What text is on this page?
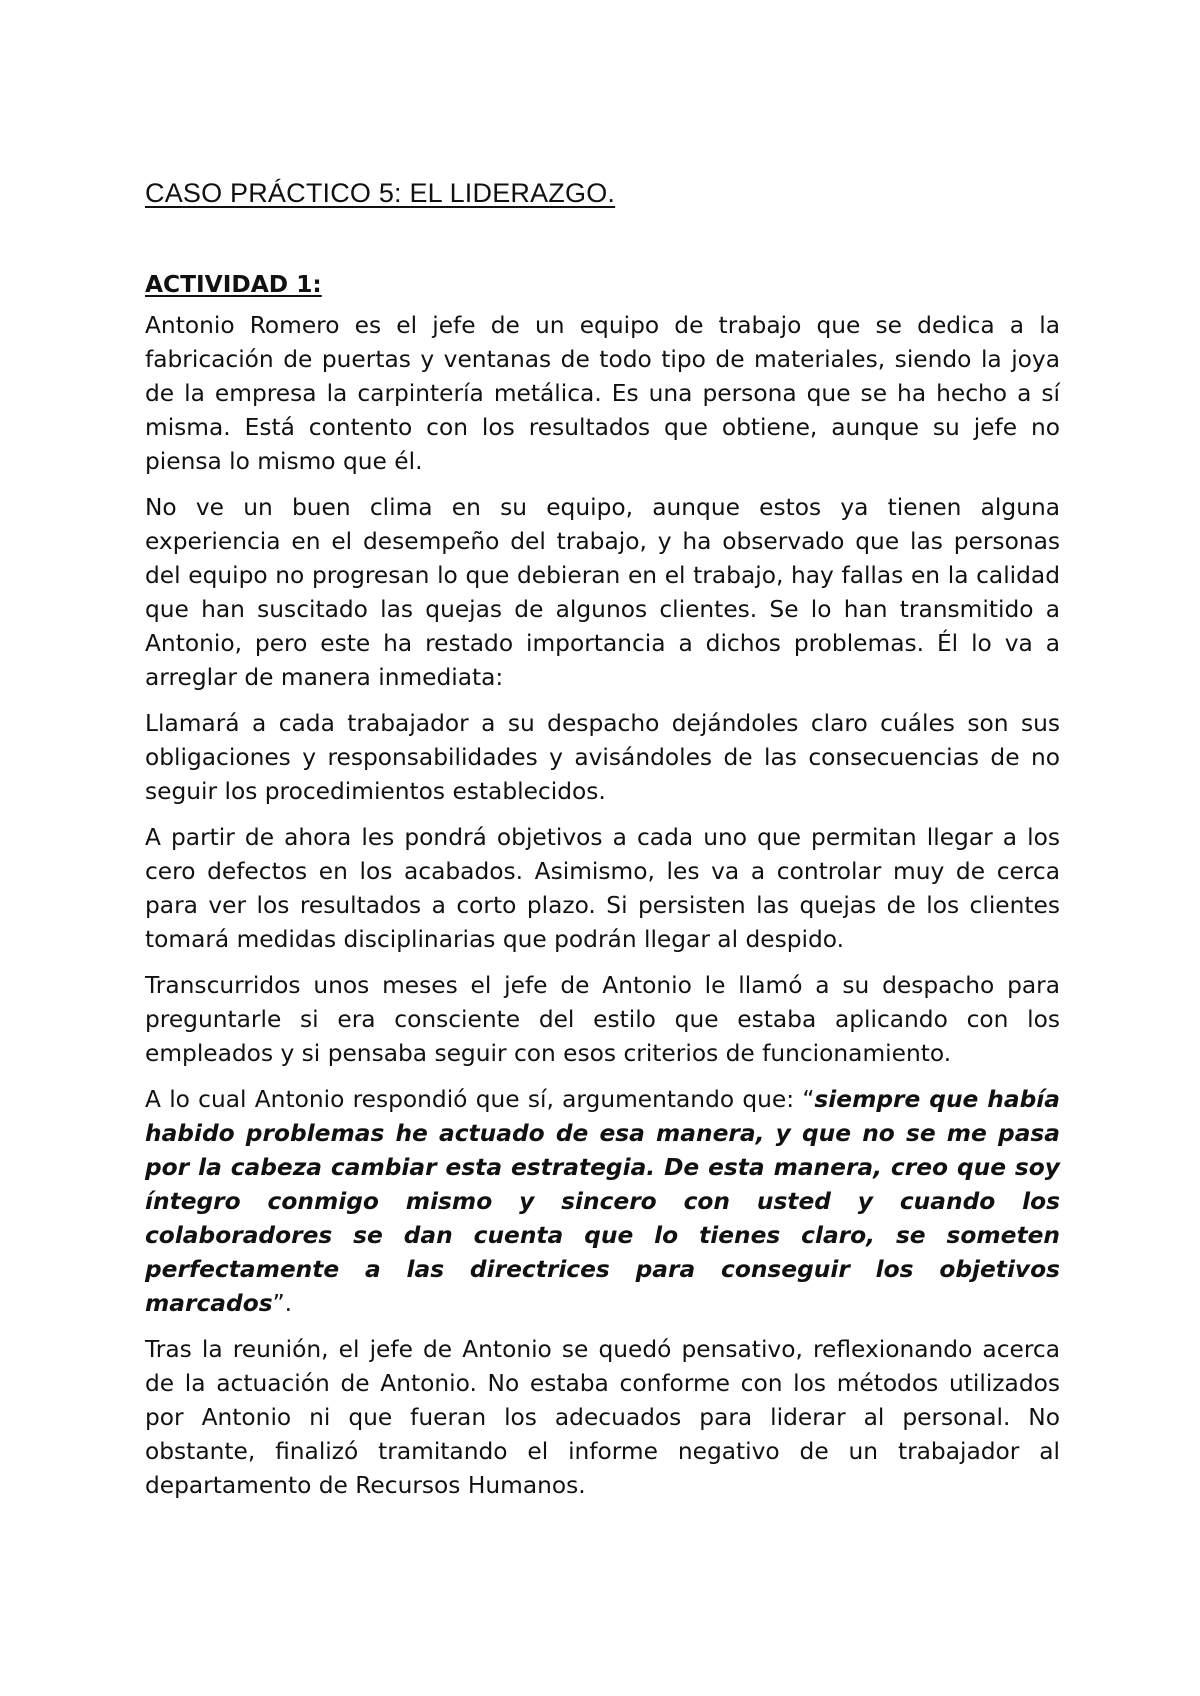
CASO PRÁCTICO 5: EL LIDERAZGO.
ACTIVIDAD 1:

Antonio Romero es el jefe de un equipo de trabajo que se dedica a la fabricación de puertas y ventanas de todo tipo de materiales, siendo la joya de la empresa la carpintería metálica. Es una persona que se ha hecho a sí misma. Está contento con los resultados que obtiene, aunque su jefe no piensa lo mismo que él.

No ve un buen clima en su equipo, aunque estos ya tienen alguna experiencia en el desempeño del trabajo, y ha observado que las personas del equipo no progresan lo que debieran en el trabajo, hay fallas en la calidad que han suscitado las quejas de algunos clientes. Se lo han transmitido a Antonio, pero este ha restado importancia a dichos problemas. Él lo va a arreglar de manera inmediata:

Llamará a cada trabajador a su despacho dejándoles claro cuáles son sus obligaciones y responsabilidades y avisándoles de las consecuencias de no seguir los procedimientos establecidos.

A partir de ahora les pondrá objetivos a cada uno que permitan llegar a los cero defectos en los acabados. Asimismo, les va a controlar muy de cerca para ver los resultados a corto plazo. Si persisten las quejas de los clientes tomará medidas disciplinarias que podrán llegar al despido.

Transcurridos unos meses el jefe de Antonio le llamó a su despacho para preguntarle si era consciente del estilo que estaba aplicando con los empleados y si pensaba seguir con esos criterios de funcionamiento.

A lo cual Antonio respondió que sí, argumentando que: “siempre que había habido problemas he actuado de esa manera, y que no se me pasa por la cabeza cambiar esta estrategia. De esta manera, creo que soy íntegro conmigo mismo y sincero con usted y cuando los colaboradores se dan cuenta que lo tienes claro, se someten perfectamente a las directrices para conseguir los objetivos marcados”.

Tras la reunión, el jefe de Antonio se quedó pensativo, reflexionando acerca de la actuación de Antonio. No estaba conforme con los métodos utilizados por Antonio ni que fueran los adecuados para liderar al personal. No obstante, finalizó tramitando el informe negativo de un trabajador al departamento de Recursos Humanos.
